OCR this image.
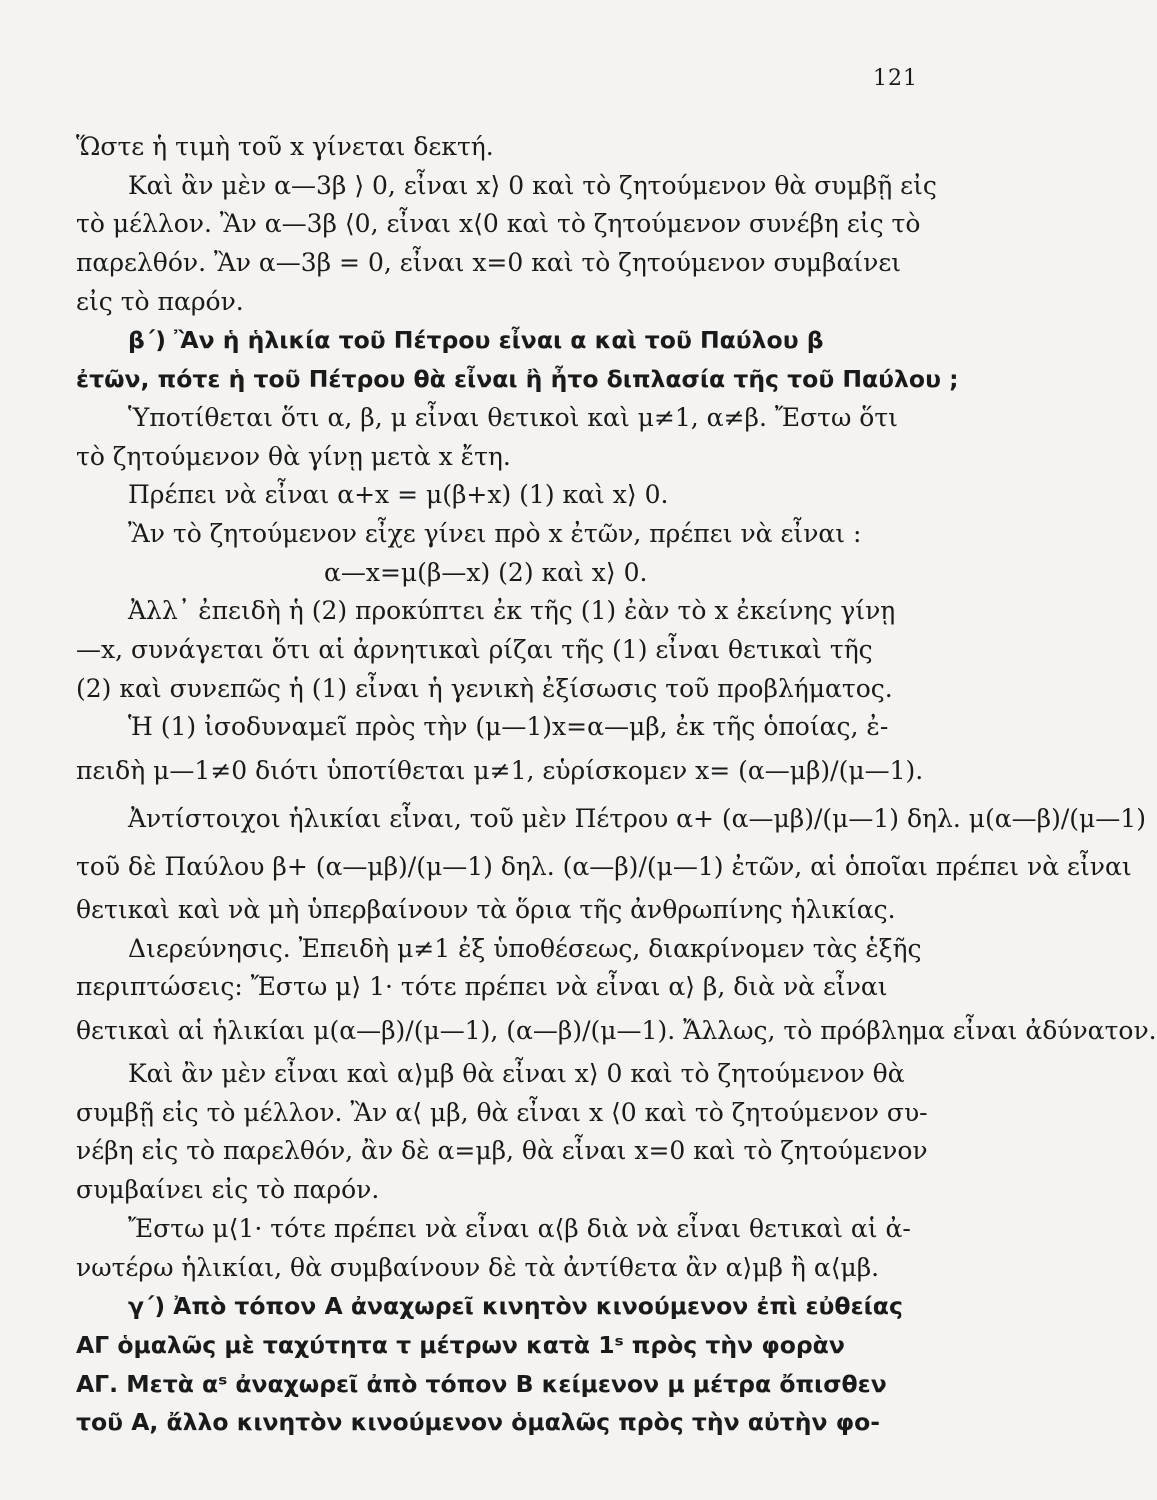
121
Ὥστε ἡ τιμὴ τοῦ x γίνεται δεκτή.
Καὶ ἂν μὲν α—3β ⟩ 0, εἶναι x⟩ 0 καὶ τὸ ζητούμενον θὰ συμβῇ εἰς
τὸ μέλλον. Ἂν α—3β ⟨0, εἶναι x⟨0 καὶ τὸ ζητούμενον συνέβη εἰς τὸ
παρελθόν. Ἂν α—3β = 0, εἶναι x=0 καὶ τὸ ζητούμενον συμβαίνει
εἰς τὸ παρόν.
β΄) Ἂν ἡ ἡλικία τοῦ Πέτρου εἶναι α καὶ τοῦ Παύλου β
ἐτῶν, πότε ἡ τοῦ Πέτρου θὰ εἶναι ἢ ἦτο διπλασία τῆς τοῦ Παύλου ;
Ὑποτίθεται ὅτι α, β, μ εἶναι θετικοὶ καὶ μ≠1, α≠β. Ἔστω ὅτι
τὸ ζητούμενον θὰ γίνῃ μετὰ x ἔτη.
Πρέπει νὰ εἶναι α+x = μ(β+x) (1) καὶ x⟩ 0.
Ἂν τὸ ζητούμενον εἶχε γίνει πρὸ x ἐτῶν, πρέπει νὰ εἶναι :
α—x=μ(β—x) (2) καὶ x⟩ 0.
Ἀλλ᾽ ἐπειδὴ ἡ (2) προκύπτει ἐκ τῆς (1) ἐὰν τὸ x ἐκείνης γίνῃ
—x, συνάγεται ὅτι αἱ ἀρνητικαὶ ρίζαι τῆς (1) εἶναι θετικαὶ τῆς
(2) καὶ συνεπῶς ἡ (1) εἶναι ἡ γενικὴ ἐξίσωσις τοῦ προβλήματος.
Ἡ (1) ἰσοδυναμεῖ πρὸς τὴν (μ—1)x=α—μβ, ἐκ τῆς ὁποίας, ἐ-
πειδὴ μ—1≠0 διότι ὑποτίθεται μ≠1, εὑρίσκομεν x= (α—μβ)/(μ—1).
Ἀντίστοιχοι ἡλικίαι εἶναι, τοῦ μὲν Πέτρου α+ (α—μβ)/(μ—1) δηλ. μ(α—β)/(μ—1)
τοῦ δὲ Παύλου β+ (α—μβ)/(μ—1) δηλ. (α—β)/(μ—1) ἐτῶν, αἱ ὁποῖαι πρέπει νὰ εἶναι
θετικαὶ καὶ νὰ μὴ ὑπερβαίνουν τὰ ὅρια τῆς ἀνθρωπίνης ἡλικίας.
Διερεύνησις. Ἐπειδὴ μ≠1 ἐξ ὑποθέσεως, διακρίνομεν τὰς ἑξῆς
περιπτώσεις: Ἔστω μ⟩ 1· τότε πρέπει νὰ εἶναι α⟩ β, διὰ νὰ εἶναι
θετικαὶ αἱ ἡλικίαι μ(α—β)/(μ—1), (α—β)/(μ—1). Ἄλλως, τὸ πρόβλημα εἶναι ἀδύνατον.
Καὶ ἂν μὲν εἶναι καὶ α⟩μβ θὰ εἶναι x⟩ 0 καὶ τὸ ζητούμενον θὰ
συμβῇ εἰς τὸ μέλλον. Ἂν α⟨ μβ, θὰ εἶναι x ⟨0 καὶ τὸ ζητούμενον συ-
νέβη εἰς τὸ παρελθόν, ἂν δὲ α=μβ, θὰ εἶναι x=0 καὶ τὸ ζητούμενον
συμβαίνει εἰς τὸ παρόν.
Ἔστω μ⟨1· τότε πρέπει νὰ εἶναι α⟨β διὰ νὰ εἶναι θετικαὶ αἱ ἀ-
νωτέρω ἡλικίαι, θὰ συμβαίνουν δὲ τὰ ἀντίθετα ἂν α⟩μβ ἢ α⟨μβ.
γ΄) Ἀπὸ τόπον Α ἀναχωρεῖ κινητὸν κινούμενον ἐπὶ εὐθείας
ΑΓ ὁμαλῶς μὲ ταχύτητα τ μέτρων κατὰ 1ˢ πρὸς τὴν φορὰν
ΑΓ. Μετὰ αˢ ἀναχωρεῖ ἀπὸ τόπον Β κείμενον μ μέτρα ὄπισθεν
τοῦ Α, ἄλλο κινητὸν κινούμενον ὁμαλῶς πρὸς τὴν αὐτὴν φο-
